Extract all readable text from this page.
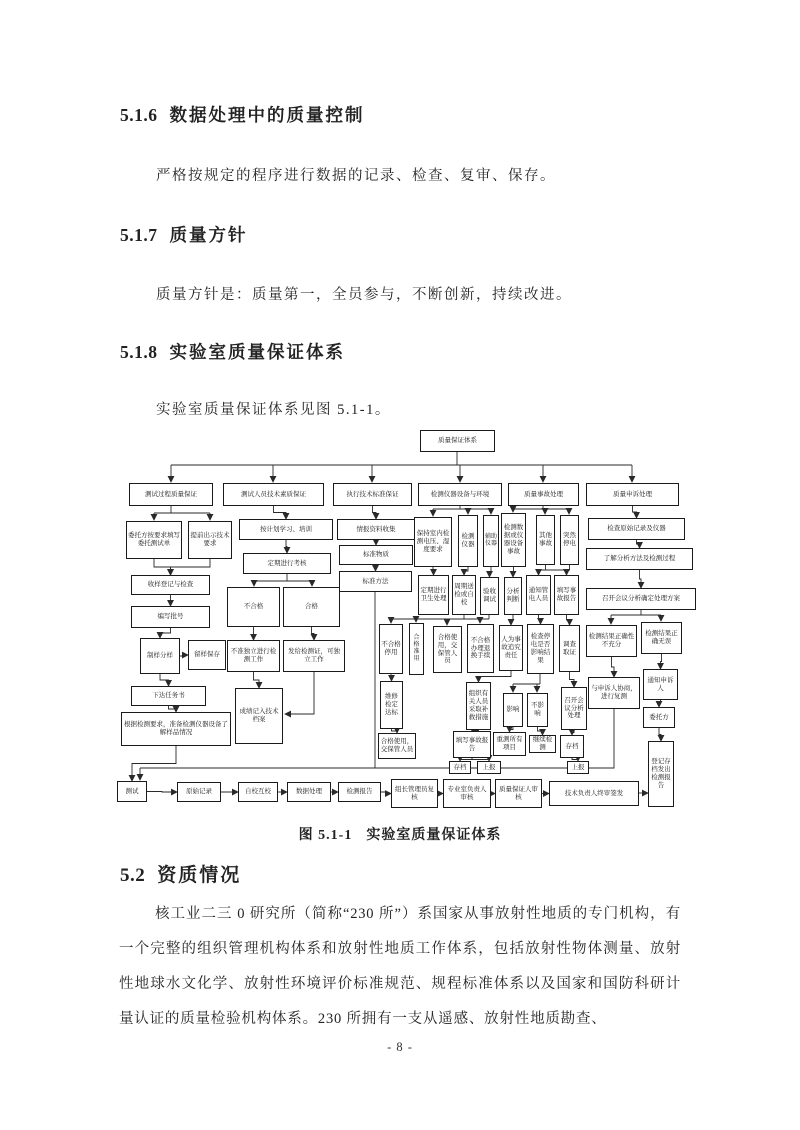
5.1.6 数据处理中的质量控制
严格按规定的程序进行数据的记录、检查、复审、保存。
5.1.7 质量方针
质量方针是：质量第一，全员参与，不断创新，持续改进。
5.1.8 实验室质量保证体系
实验室质量保证体系见图 5.1-1。
质量保证体系
测试过程质量保证	测试人员技术素质保证	执行技术标准保证	检测仪器设备与环境	质量事故处理	质量申诉处理
委托方按要求填写委托测试单
提前出示技术要求
收样登记与检查
编写批号
制样分样	留样保存
下达任务书
根据检测要求，准备检测仪器设备了解样品情况
按计划学习、培训
定期进行考核
不合格	合格
不准独立进行检测工作
发给检测证，可独立工作
成绩记入技术档案
情报资料收集
标准物质
标准方法
保持室内检测电压、湿度要求
检测仪器
辅助仪器
检测数据或仪器设备事故
其他事故
突然停电
定期进行卫生处理
周期送检或自校
验收调试
分析判断
通知管电人员
填写事故报告
不合格停用
合格准用
合格使用，交保管人员
不合格办理退换手续
人为事故追究责任
检查停电是否影响结果
调查取证
维修检定达标
合格使用，交保管人员
组织有关人员采取补救措施
影响
不影响
召开会议分析处理
填写事故报告
存档	上报
重测所有项目
继续检测	存档
上报
检查原始记录及仪器
了解分析方法及检测过程
召开会议分析确定处理方案
检测结果正确性不充分
检测结果正确无误
与申诉人协商，进行复测
通知申诉人
委托方
登记存档发出检测报告
测试	原始记录	自校互校	数据处理	检测报告	组长管理员复核
专业室负责人审核
质量保证人审核
技术负责人终审签发
图 5.1-1 实验室质量保证体系
5.2 资质情况
核工业二三 0 研究所（简称“230 所”）系国家从事放射性地质的专门机构，有一个完整的组织管理机构体系和放射性地质工作体系，包括放射性物体测量、放射性地球水文化学、放射性环境评价标准规范、规程标准体系以及国家和国防科研计量认证的质量检验机构体系。230 所拥有一支从遥感、放射性地质勘查、
- 8 -
